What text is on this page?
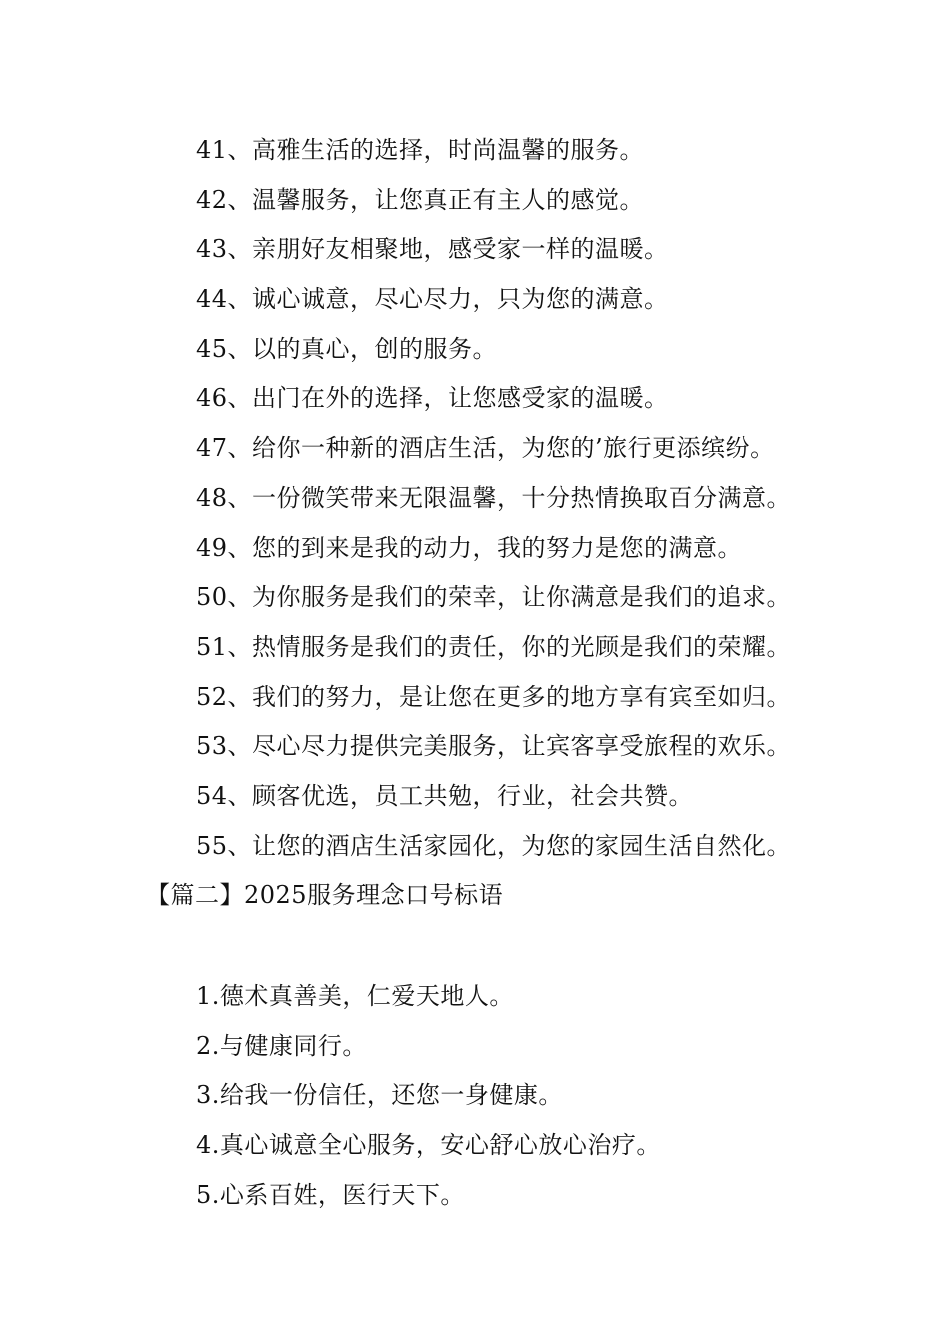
41、高雅生活的选择，时尚温馨的服务。
42、温馨服务，让您真正有主人的感觉。
43、亲朋好友相聚地，感受家一样的温暖。
44、诚心诚意，尽心尽力，只为您的满意。
45、以的真心，创的服务。
46、出门在外的选择，让您感受家的温暖。
47、给你一种新的酒店生活，为您的’旅行更添缤纷。
48、一份微笑带来无限温馨，十分热情换取百分满意。
49、您的到来是我的动力，我的努力是您的满意。
50、为你服务是我们的荣幸，让你满意是我们的追求。
51、热情服务是我们的责任，你的光顾是我们的荣耀。
52、我们的努力，是让您在更多的地方享有宾至如归。
53、尽心尽力提供完美服务，让宾客享受旅程的欢乐。
54、顾客优选，员工共勉，行业，社会共赞。
55、让您的酒店生活家园化，为您的家园生活自然化。
【篇二】2025服务理念口号标语
1.德术真善美，仁爱天地人。
2.与健康同行。
3.给我一份信任，还您一身健康。
4.真心诚意全心服务，安心舒心放心治疗。
5.心系百姓，医行天下。
